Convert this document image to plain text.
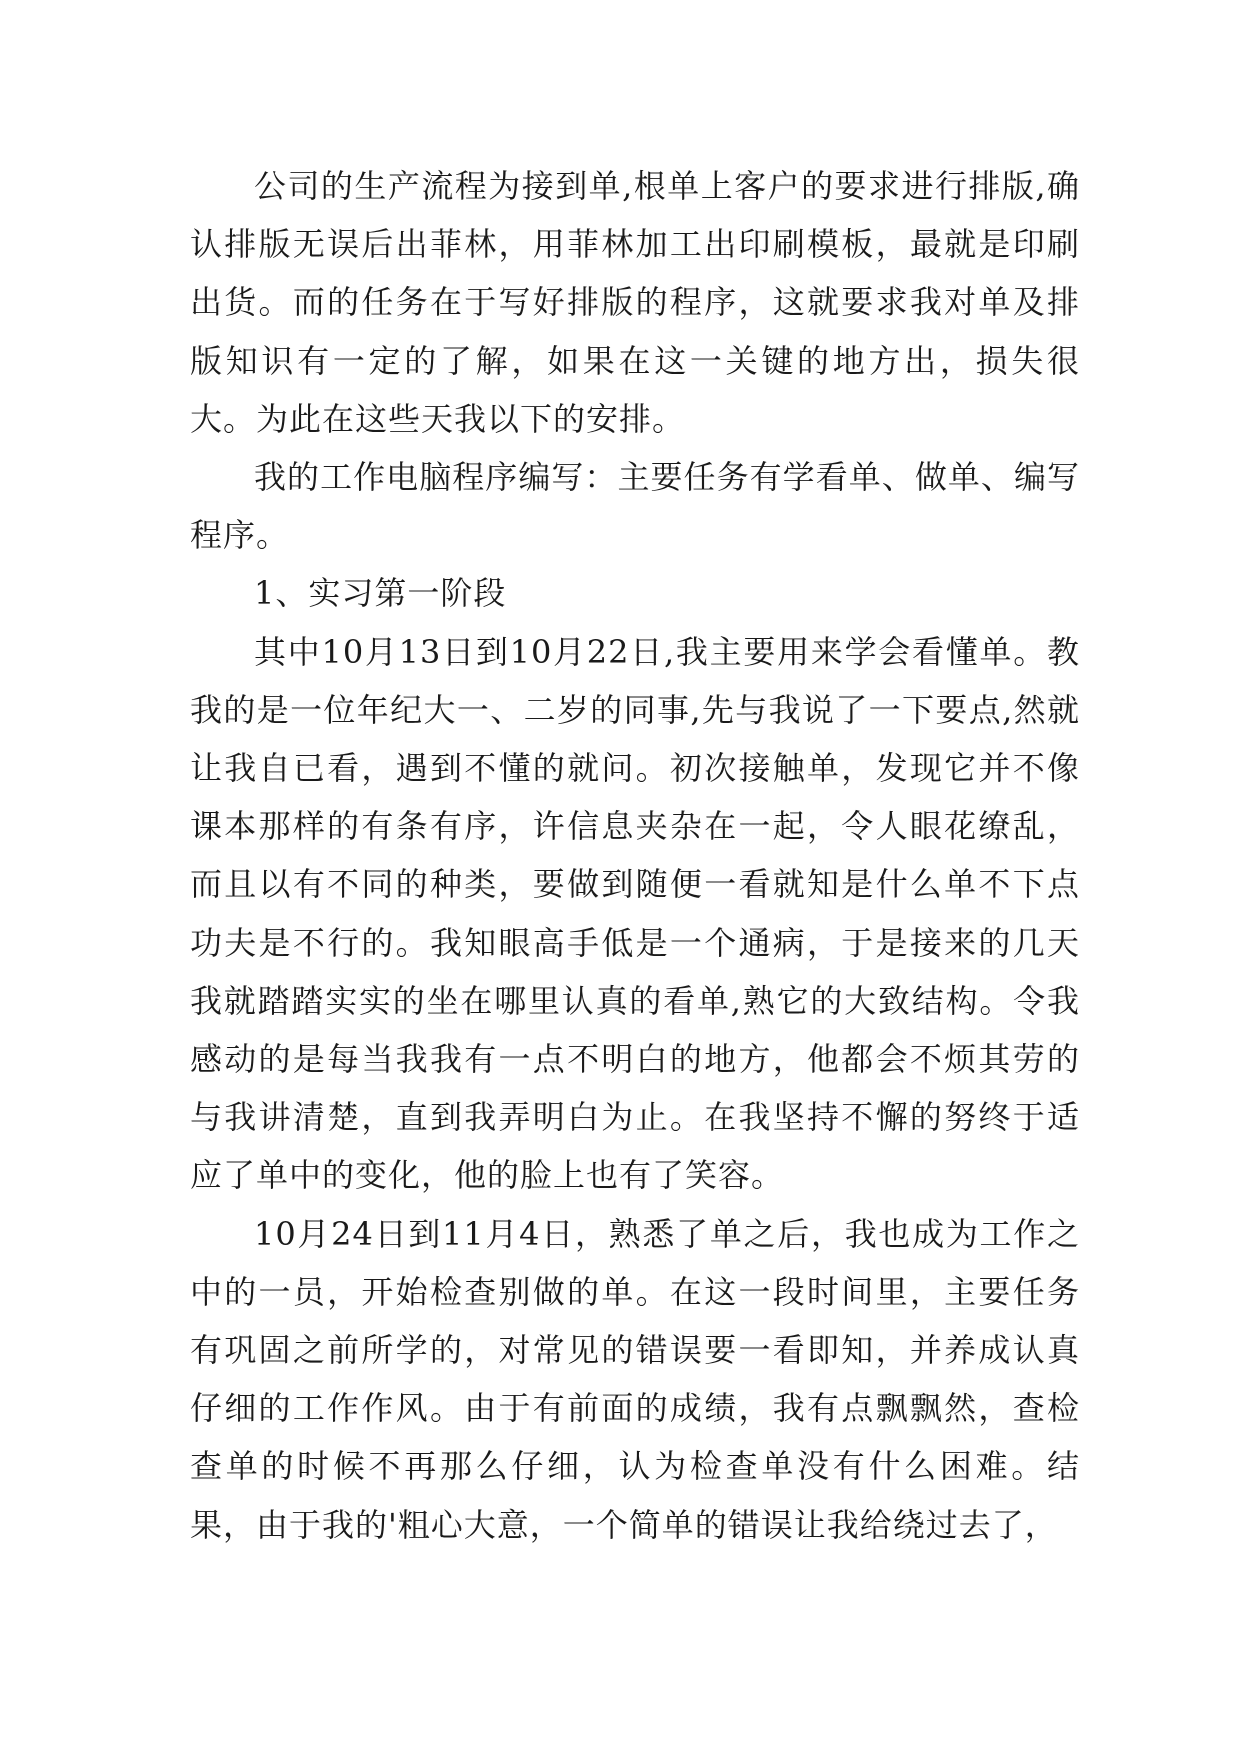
公司的生产流程为接到单,根单上客户的要求进行排版,确认排版无误后出菲林，用菲林加工出印刷模板，最就是印刷出货。而的任务在于写好排版的程序，这就要求我对单及排版知识有一定的了解，如果在这一关键的地方出，损失很大。为此在这些天我以下的安排。

我的工作电脑程序编写：主要任务有学看单、做单、编写程序。

1、实习第一阶段

其中10月13日到10月22日,我主要用来学会看懂单。教我的是一位年纪大一、二岁的同事,先与我说了一下要点,然就让我自已看，遇到不懂的就问。初次接触单，发现它并不像课本那样的有条有序，许信息夹杂在一起，令人眼花缭乱，而且以有不同的种类，要做到随便一看就知是什么单不下点功夫是不行的。我知眼高手低是一个通病，于是接来的几天我就踏踏实实的坐在哪里认真的看单,熟它的大致结构。令我感动的是每当我我有一点不明白的地方，他都会不烦其劳的与我讲清楚，直到我弄明白为止。在我坚持不懈的努终于适应了单中的变化，他的脸上也有了笑容。

10月24日到11月4日，熟悉了单之后，我也成为工作之中的一员，开始检查别做的单。在这一段时间里，主要任务有巩固之前所学的，对常见的错误要一看即知，并养成认真仔细的工作作风。由于有前面的成绩，我有点飘飘然，查检查单的时候不再那么仔细，认为检查单没有什么困难。结果，由于我的'粗心大意，一个简单的错误让我给绕过去了，
